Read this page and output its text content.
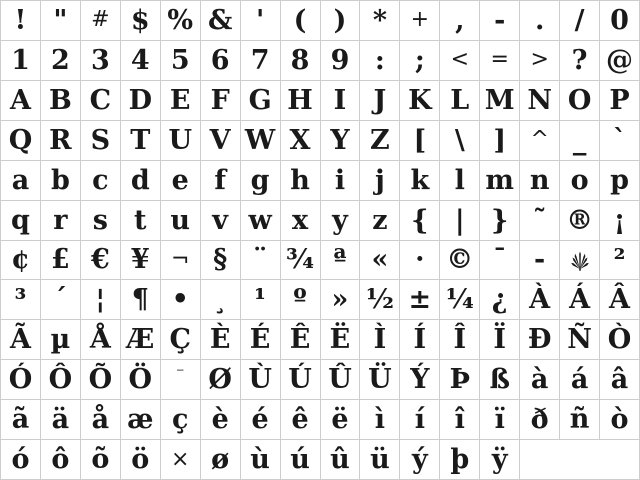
! " # $ % & ' ( ) * + , - . / 0
1 2 3 4 5 6 7 8 9 : ; < = > ? @
A B C D E F G H I J K L M N O P
Q R S T U V W X Y Z [ \ ] ^ _ `
a b c d e f g h i j k l m n o p
q r s t u v w x y z { | } ˜ ® ¡
¢ £ € ¥ ¬ § ¨ ¾ ª « · © ¯ -	²
³ ´ ¦ ¶ • ¸ ¹ º » ½ ± ¼ ¿ À Á Â
Ã µ Å Æ Ç È É Ê Ë Ì Í Î Ï Ð Ñ Ò
Ó Ô Õ Ö ¯ Ø Ù Ú Û Ü Ý Þ ß à á â
ã ä å æ ç è é ê ë ì í î ï ð ñ ò
ó ô õ ö × ø ù ú û ü ý þ ÿ
